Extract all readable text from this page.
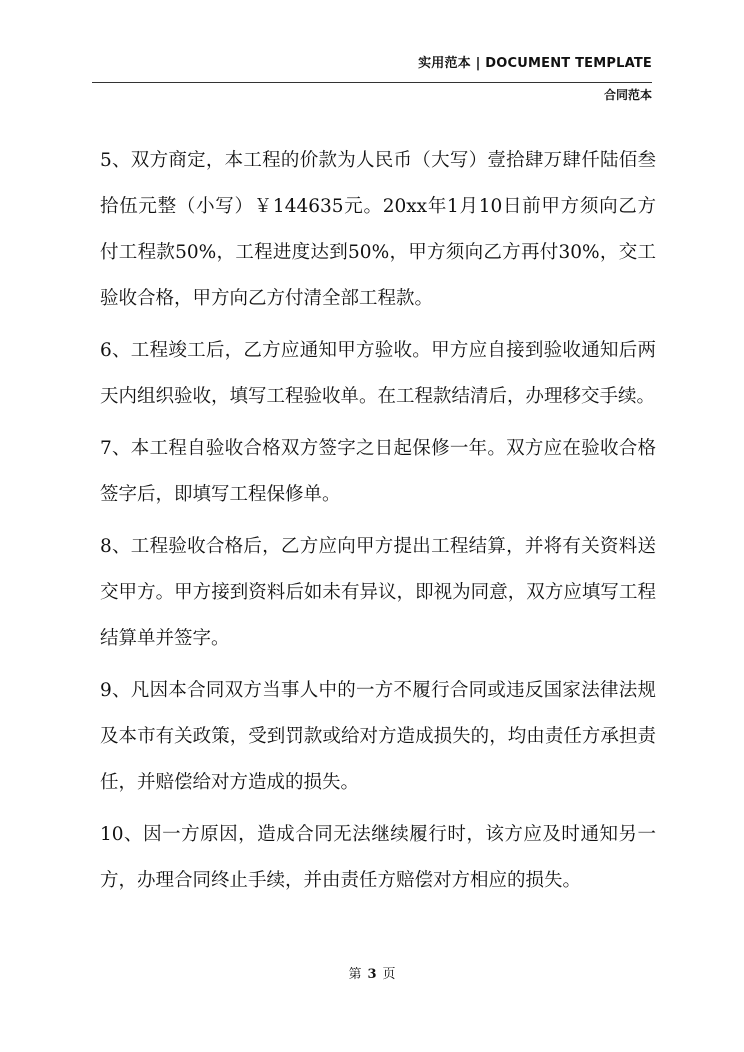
实用范本 | DOCUMENT TEMPLATE
合同范本

5、双方商定，本工程的价款为人民币（大写）壹拾肆万肆仟陆佰叁拾伍元整（小写）￥144635元。20xx年1月10日前甲方须向乙方付工程款50%，工程进度达到50%，甲方须向乙方再付30%，交工验收合格，甲方向乙方付清全部工程款。

6、工程竣工后，乙方应通知甲方验收。甲方应自接到验收通知后两天内组织验收，填写工程验收单。在工程款结清后，办理移交手续。

7、本工程自验收合格双方签字之日起保修一年。双方应在验收合格签字后，即填写工程保修单。

8、工程验收合格后，乙方应向甲方提出工程结算，并将有关资料送交甲方。甲方接到资料后如未有异议，即视为同意，双方应填写工程结算单并签字。

9、凡因本合同双方当事人中的一方不履行合同或违反国家法律法规及本市有关政策，受到罚款或给对方造成损失的，均由责任方承担责任，并赔偿给对方造成的损失。

10、因一方原因，造成合同无法继续履行时，该方应及时通知另一方，办理合同终止手续，并由责任方赔偿对方相应的损失。

第 3 页
